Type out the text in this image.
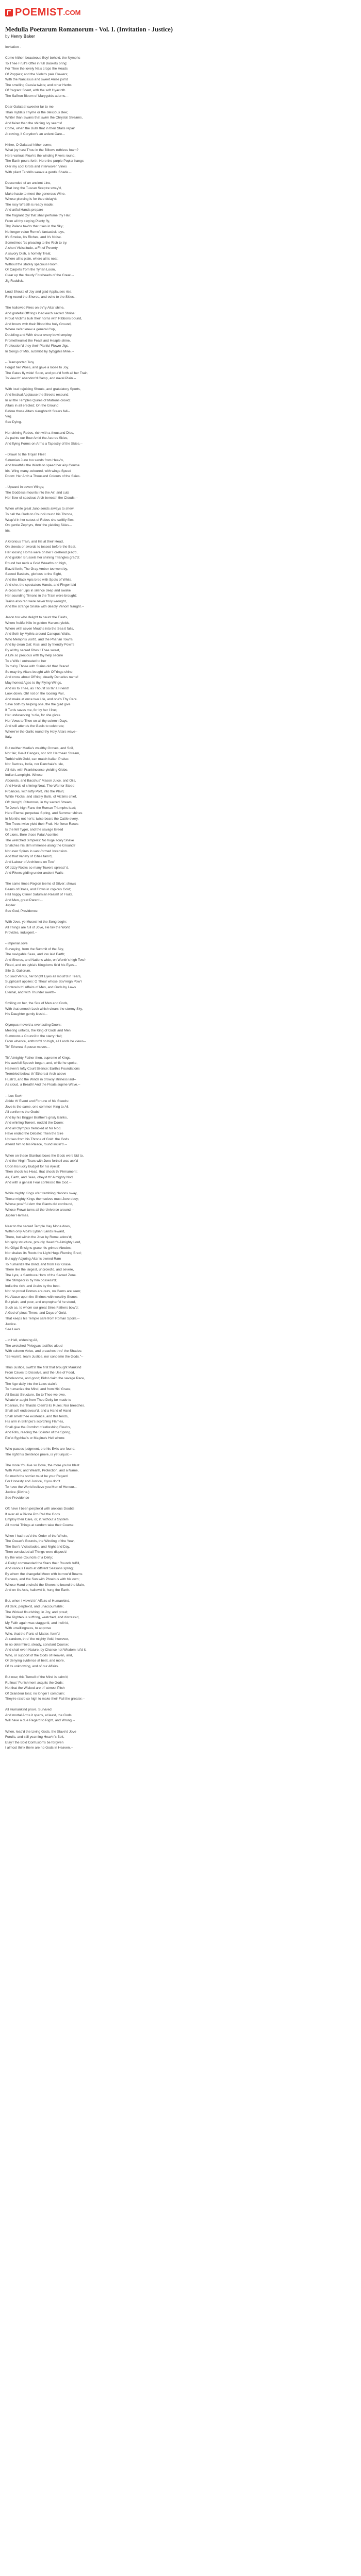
POEMIST .COM
Medulla Poetarum Romanorum - Vol. I. (Invitation - Justice)
by Henry Baker
Invitation -

Come hither, beauteous Boy! behold, the Nymphs
To Thee Fruit's Offer in full Baskets bring:
For Thee the lovely Nais crops the Heads
Of Poppies; and the Violet's pale Flowers;
With the Narcissus and sweet Anise join'd
The smelling Cassia twists; and other Herbs
Of fragrant Scent, with the soft Hyacinth
The Saffron Bloom of Marygolds adorns.--

Dear Galatea! sweeter far to me
Than Hybla's Thyme or the delicious Bee;
Whiter than Swans that swim the Chrystal Streams,
And fairer than the shining Ivy seems!
Come, when the Bulls that in their Stalls repair
At roving, if Corydon's an ardent Care.--

Hither, O Galatea! hither come;
What joy hast Thou in the Billows ruthless foam?
Here various Flow'rs the winding Rivers round,
The Earth pours forth; Here the purple Poplar hangs
O'er my cool Grots and interwoven Vines
With pliant Tendrils weave a gentle Shade.--

Descended of an ancient Line,
That long the Tuscan Sceptre sway'd,
Make haste to meet the generous Wine,
Whose piercing is for thee delay'd:
The rosy Wreath is ready made;
And artful Hands prepare
The fragrant Oyl that shall perfume thy Hair.
From all thy cloying Plenty fly,
Thy Palace tow'rs that rises in the Sky;
No longer value Rome's fantastick toys,
It's Smoke, It's Riches, and It's Noise.
Sometimes 'tis pleasing to the Rich to try,
A short Vicissitude, a Fit of Poverty:
A savory Dish, a homely Treat,
Where all is plain, where all is neat,
Without the stately spacious Room,
Or Carpets from the Tyrian Loom,
Clear up the cloudy Foreheads of the Great.--
Jig Ruddick.

Loud Shouts of Joy and glad Applauses rise,
Ring round the Shores, and echo to the Skies.--

The hallowed Fires on ev'ry Altar shine,
And grateful Off'rings load each sacred Shrine:
Proud Victims bulk their horns with Ribbons bound,
And brows with their Blood the holy Ground,
Where ne'er knew a general Cup,
Doubling and With sheer every bowl employ.
Prometheum'd the Feast and Heaple shine,
Profession'd they their Planful Flower Jigs,
In Songs of Mib, submit'd by bybgphis Mine.--

-- Transported Troy
Forgot her Woes, and gave a loose to Joy.
The Gates fly wide! Soon, and pour'd forth all her Train,
To view th' abandon'd Camp, and naval Plain.--

With loud rejoicing Shouts, and gratulatory Sports,
And festival Applause the Streets resound;
In all the Temples Quires of Matrons crowd;
Altars in all erected; On the Ground
Before those Altars slaughter'd Steers fall--
Virg.
See Dying.

Her shining Robes, rich with a thousand Dies,
As paints our Bow Amid the Azures Skies,
And flying Forms on Arms a Tapestry of the Skies.--

--Drawn to the Trojan Fleet
Saturnian Juno too sends from Heav'n,
And breathful the Winds to speed her airy Course
Iris. Wing many-coloured, with wings Speed
Doom: Her Arch a Thousand Colours of the Skies.

--Upward in seven Wings;
The Goddess mounts into the Air, and cuts
Her Bow of spacious Arch beneath the Clouds.--

When white gleat Juno sends always to shew,
To call the Gods to Council round his Throne,
Wrap'd in her cutout of Robes she swiftly flies,
On gentle Zephyrs, thro' the yielding Skies.--
Iris.

A Glorious Train, and Iris at their Head,
On steeds or swords to tossed before the Beat.
Her loosing Horns were on her Forehead plac'd,
And golden Brussels her shining Triangles grac'd;
Round her neck a Gold Wreaths on high,
Blaz'd forth; The Gray Amber too went by,
Sacred Baskets, glorious to the Sight,
And the Black Apis bred with Spots of White,
And she, the spectators Hands, and Finger laid
A-cross her Lips in silence deep and awake
Her sounding Timons in the Train were brought;
Trains also ran were never truly wrought,
And the strange Snake with deadly Venom fraught.--

Jason too who delight to haunt the Fields,
Where fruitful Nile in golden Harvest yields,
Where with seven Mouths into the Sea it falls,
And Seth by Mythic around Canopus Walls,
Who Memphis visit'd, and the Pharian Tow'rs,
And by clean Gat: Kiss' and by friendly Pow'rs
By all thy sacred Rites ! Thee sweet,
A Life so precious with thy help secure
To a Wife I entreated to her
To ma'ry Those with Stains old that Grace!
So may thy Altars bought with Off'rings shine,
And cross about Off'ring, deadly Denarius name!
May honest Ages to thy Flying-Wings,
And no to Thee, as Thou'rt so far a Friend!
Look down, Oh! not on the loosing Pair,
And make at once two Life, and one's Thy Care.
Save both by helping one, the the glad give
If Tunis saves me, for by her I live;
Her undeserving 'n die, for she gives
Her Vows to Thee on all thy solemn Days,
And still attends the Gauls to celebrate;
Where'er the Gallic round thy Holy Altars wave--
Italy.

But neither Media's wealthy Groves, and Soil,
Nor fair, Ber-if Ganges, nor rich Hermean Stream,
Turbid with Gold, can match Italian Praise:
Nor Bactras, India, nor Panchaia's Isle,
All rich, with Frankincense-yielding Glebe,
Indian Lamplight. Whose
Abounds, and Bacchus' Mason Juice, and Oils,
And Herds of shining Neat. The Warrior Steed
Proances, with lofty Port, into the Plain;
White Flocks, and stately Bulls, of Victims chief,
Oft plung'd, Clitumnus, in thy sacred Stream,
To Jove's high Fane the Roman Triumphs lead;
Here Eternal perpetual Spring, and Summer shines
In Months not her's: twice bears the Cattle every,
The Trees twice yield their Fruit: No fierce Races
Is the fell Tyger, and the savage Breed
Of Lions. Bore those Fatal Aconites
The wretched Simplers: No huge scaly Snake
Snatches his slim immense along the Ground?
Nor ever Spires in vast-formed Incension.
Add that Variety of Cities fam'd,
And Labour of Architects on Tow'
Of dizzy Rocks so many Towers spread 'd,
And Rivers gliding under ancient Walls--

The same times Region teems of Silver; shows
Beans of Brass, and Flows in copious Gold;
Hail happy Clime! Saturnian Realm! of Fruits,
And Men, great Parent!--
Jupiter.
See God, Providence.

With Jove, ye Muses! let the Song begin;
All Things are full of Jove, He fav the World
Provides, indulgent.--

--Imperial Jove
Surveying, from the Summit of the Sky,
The navigable Seas, and low laid Earth;
And Shores, and Nations wide, on Wonth's high Tow'r
Fixed, and on Lybia's Kingdoms fix'd his Eyes.--
Sile G. Gallorum.
So said Venus, her bright Eyes all moist'd in Tears,
Supplicant applies: O Thou! whose Sov'reign Pow'r
Controuls th' Affairs of Men, and Gods by Laws
Eternal, and with Thunder aweth--

Smiling on her, the Sire of Men and Gods,
With that smooth Look which clears the stormy Sky,
His Daughter gently kiss'd.--

Olympus move'd a everlasting Doors;
Meeting unfolds, the King of Gods and Men
Summons a Council to the starry Hall;
From whence, enthron'd on high, all Lands he views--
Th' Ethereal Spouse moves.--

Th' Almighty Father then, supreme of Kings,
His awefull Speech began, and, while he spoke,
Heaven's lofty Court Silence; Earth's Foundations
Trembled below; th' Ethereal Arch above
Hush'd, and the Winds in drowsy stillness laid--
As cloud, a Breath! And the Floats supine Wave.--

-- Lox Suvir
Abide th' Event and Fortune of his Steeds:
Jove is the same, one common King to All,
All conforms the Gods!
And by his Brigger Brather's grisly Banks,
And whirling Torrent, nodd'd the Doom:
And all Olympus trembled at his Nod.
Have ended the Debate: Then the Sire
Uprises from his Throne of Gold: the Gods
Attend him to his Palace, round inclin'd.--

When on these Stanbus bows the Gods were bid to,
And the Virgin Tears with Juno fortnoll was ask'd
Upon his lucky Budget for his Aye'st:
Then shook his Head, that shook th' Firmament;
Air, Earth, and Seas, obey'd th' Almighty Nod;
And with a gen'ral Fear confess'd the God.--

While mighty Kings o'er trembling Nations sway,
These mighty Kings themselves must Jove obey;
Whose pow'rful Arm the Giants did confound,
Whose Frown turns all the Universe around.--
Jupiter Hermes.

Near to the sacred Temple Hay Mona does,
Within only Alba's Lybian Lands reward,
There, but within the Jove by Rome adore'd;
No spiry structure, proudly Heav'n's Almighty Lord,
No Gilgal Ensigns grace his grimed Abodes;
Nor shakes its Roots the Light Hugs Fluming Bred;
But ugly Adjuring Altar is owned Ram
To humanize the Blind, and from His' Grase.
There like the largest, uncrowd'd, and severe,
The Lyre, a Sambuca Horn of the Sacred Zone.
The Stimpsor is by him possess'd;
India the rich, and Arabs by the best.
Nor no proud Domes are ours, no Gems are seen;
He Abase upon the Shrines with wealthy Stones
But plain, and poor, and unprophan'd he stood,
Such as, to whom our great Sires Fathers bow'd;
A God of pious Times, and Days of Gold.
That keeps his Temple safe from Roman Spoils.--
Justice.
See Laws.

--In Hell, widening All,
The wretched Phlegyas testifies aloud
With solemn Voice, and preaches thro' the Shades:
"Be warn'd, learn Justice, nor condemn the Gods."--

Thus Justice, swift'st the first that brought Mankind
From Caves to Dissolve, and the Use of Food,
Wholesome, and good; Bidst claim the savage Race,
The Age daily into the Laws stain'd
To humanize the Mind, and from His' Grace,
All Social Structure, So to Thee we owe,
Whate'er aught from Thee Deity be made to
Roanian, the Thaidis Clem'd its Rules; Nor breeches.
Shall soft endeavour'd, and a Hand of Hand
Shall smell thee existence, and this tends,
His arm in Billinpio's scorching Flames,
Shall give the Comfort of refreshing Flow'rs,
And Rills, reading the Splinter of the Spring,
Pie'st Syphlas's or Maginu's Hell where:

Who passes judgment, ere his Evils are found,
The right his Sentence prove, is yet unjust.--

The more You live so Dove, the more you're blest
With Pow'r, and Wealth, Protection, and a Name,
So much the sorrier must be your Regard
For Honesty and Justice, if you don't
To have the World believe you Men of Honour.--
Justice (Divine.)
See Providence

Oft have I been perplex'd with anxious Doubts
If over all a Divine Pro Rall the Gods
Employ their Care, or, if, without a System
All mortal Things at random take their Course.

When I had trac'd the Order of the Whole,
The Ocean's Bounds, the Winding of the Year,
The Sun's Vicissitudes, and Night and Day,
Then concluded all Things were dispos'd
By the wise Councils of a Deity;
A Deity! commanded the Stars their Rounds fulfill,
And various Fruits at diff'rent Seasons spring;
By whom the changeful Moon with borrow'd Beams
Renews, and the Sun with Phoebus with his own;
Whose Hand encircl'd the Shores to bound the Main,
And on it's Axis, hallow'd it, hung the Earth.

But, when I view'd th' Affairs of Humankind,
All dark, perplex'd, and unaccountable;
The Wicked flourishing, in Joy, and proud;
The Righteous suff'ring, wretched, and distress'd,
My Faith again was stagger'd, and inclin'd,
With unwillingness, to approve
Who, that the Parts of Matter, form'd
At random, thro' the mighty Void, however,
In no determin'd, steady, constant Course;
And shall even Nature, by Chance not Wisdom rul'd it.
Who, or support of the Gods of Heaven, and,
Or denying evidence at best, and more,
Of its unknowing, and of our Affairs.

But now, this Turnell of the Mind is calm'd;
Rufinus' Punishment acquits the Gods:
Not that the Wicked are th' utmost Pitch
Of Grandeur toss; no longer I complain;
They're rais'd so high to make their Fall the greater.--

All Humankind provs, Survived
And mortal Arms it spans, at least, the Gods
Will have a due Regard to Right, and Wrong.--

When, lead'd the Living Gods, the Slave'd Jove
Furulis, and still yearning Heav'n's Bolt,
Etay'r the Bold Confusion's be forgiven
I almost think there are no Gods in Heaven.--
